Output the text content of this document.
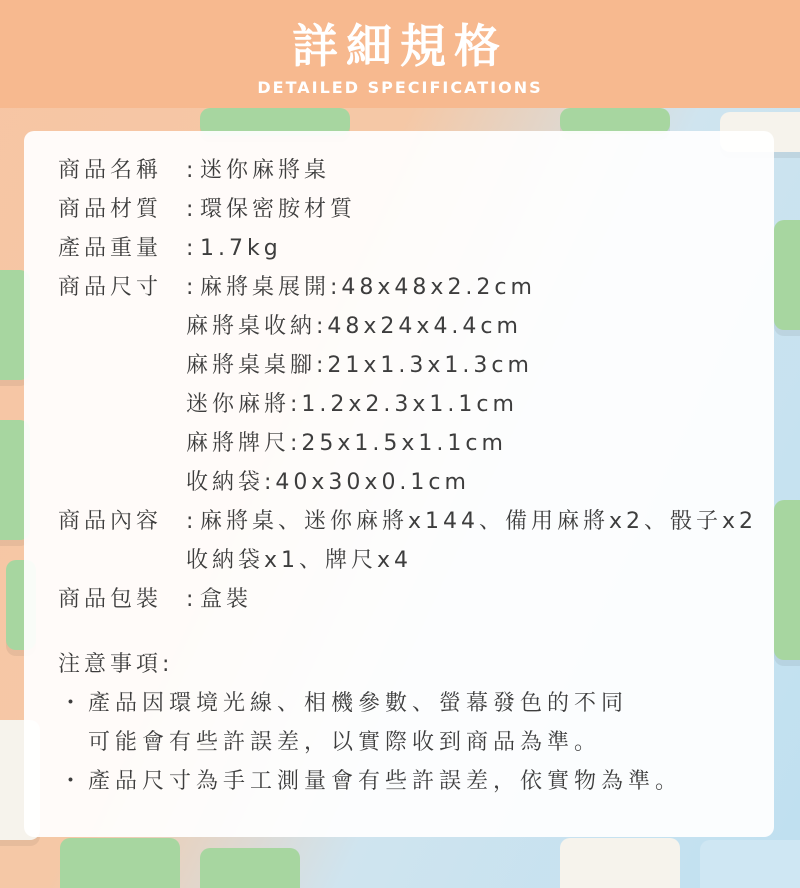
詳細規格
DETAILED SPECIFICATIONS
商品名稱 : 迷你麻將桌
商品材質 : 環保密胺材質
產品重量 : 1.7kg
商品尺寸 : 麻將桌展開:48x48x2.2cm
麻將桌收納:48x24x4.4cm
麻將桌桌腳:21x1.3x1.3cm
迷你麻將:1.2x2.3x1.1cm
麻將牌尺:25x1.5x1.1cm
收納袋:40x30x0.1cm
商品內容 : 麻將桌、迷你麻將x144、備用麻將x2、骰子x2
收納袋x1、牌尺x4
商品包裝 : 盒裝
注意事項:
・產品因環境光線、相機參數、螢幕發色的不同
可能會有些許誤差，以實際收到商品為準。
・產品尺寸為手工測量會有些許誤差，依實物為準。
